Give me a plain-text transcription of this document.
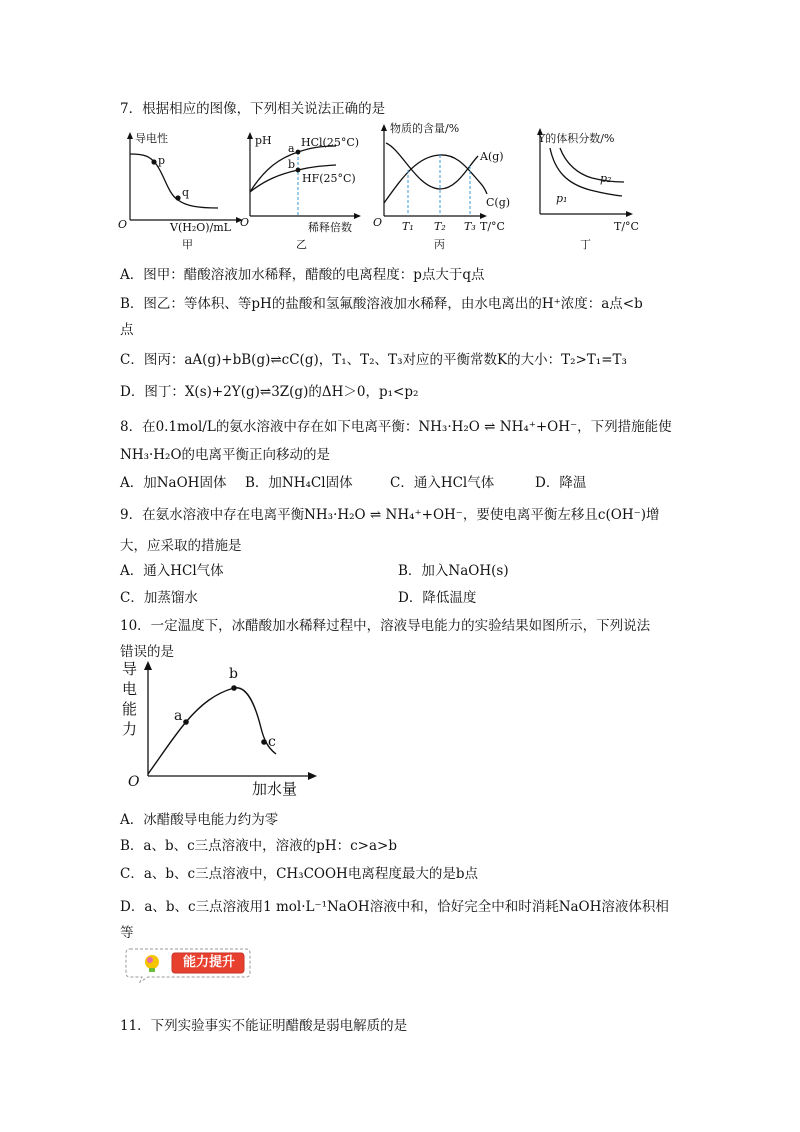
7．根据相应的图像，下列相关说法正确的是
导电性
p
q
O	V(H₂O)/mL
甲
pH
a
b
HCl(25°C)
HF(25°C)
O	稀释倍数
乙
物质的含量/%
A(g)
C(g)
O T₁ T₂ T₃ T/°C
丙
Y的体积分数/%
p₁
p₂
T/°C
丁
A．图甲：醋酸溶液加水稀释，醋酸的电离程度：p点大于q点
B．图乙：等体积、等pH的盐酸和氢氟酸溶液加水稀释，由水电离出的H⁺浓度：a点<b
点
C．图丙：aA(g)+bB(g)⇌cC(g)，T₁、T₂、T₃对应的平衡常数K的大小：T₂>T₁=T₃
D．图丁：X(s)+2Y(g)⇌3Z(g)的ΔH＞0，p₁<p₂
8．在0.1mol/L的氨水溶液中存在如下电离平衡：NH₃·H₂O ⇌ NH₄⁺+OH⁻，下列措施能使
NH₃·H₂O的电离平衡正向移动的是
A．加NaOH固体 B．加NH₄Cl固体	C．通入HCl气体	D．降温
9．在氨水溶液中存在电离平衡NH₃·H₂O ⇌ NH₄⁺+OH⁻，要使电离平衡左移且c(OH⁻)增
大，应采取的措施是
A．通入HCl气体	B．加入NaOH(s)
C．加蒸馏水	D．降低温度
10．一定温度下，冰醋酸加水稀释过程中，溶液导电能力的实验结果如图所示，下列说法
错误的是
导
电
能
力
a
b
c
O	加水量
A．冰醋酸导电能力约为零
B．a、b、c三点溶液中，溶液的pH：c>a>b
C．a、b、c三点溶液中，CH₃COOH电离程度最大的是b点
D．a、b、c三点溶液用1 mol·L⁻¹NaOH溶液中和，恰好完全中和时消耗NaOH溶液体积相
等
能力提升
11．下列实验事实不能证明醋酸是弱电解质的是
